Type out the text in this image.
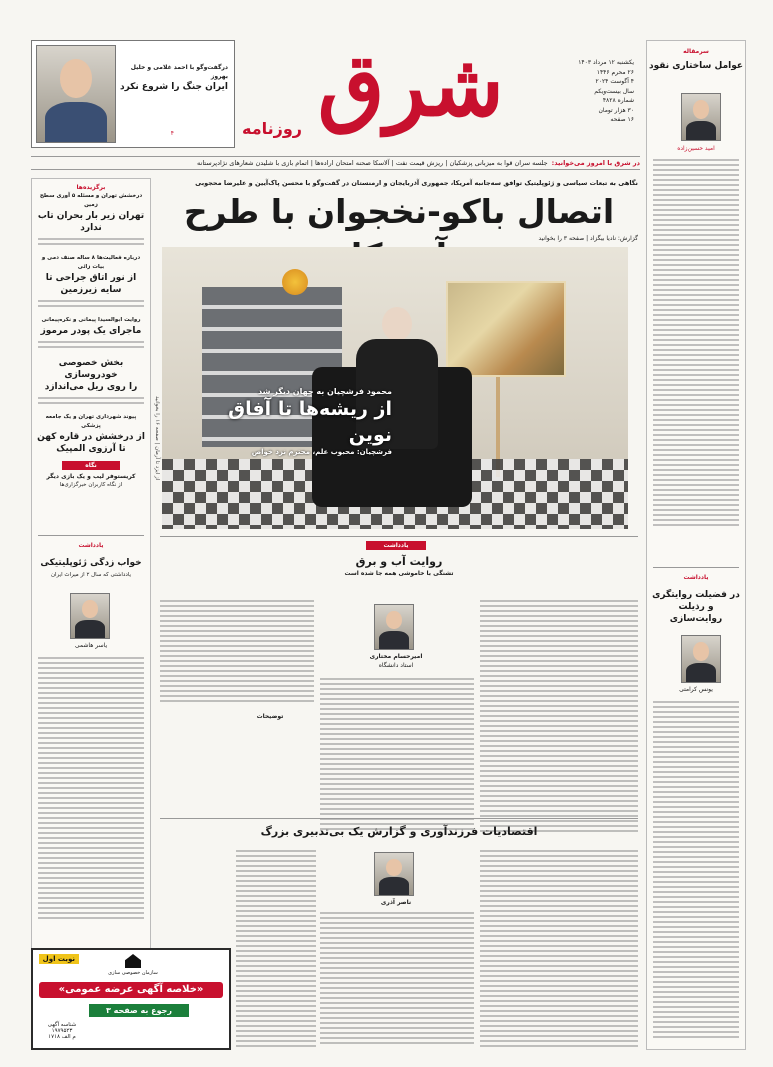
درگفت‌وگو با احمد غلامی و خلیل بهروز
ایران جنگ را شروع نکرد
۴ شرق
روزنامه
یکشنبه ۱۲ مرداد ۱۴۰۳
۲۶ محرم ۱۴۴۶
۴ آگوست ۲۰۲۴
سال بیست‌ویکم
شماره ۴۸۲۸
۳۰ هزار تومان
۱۶ صفحه
سرمقاله
عوامل ساختاری نقود
امید حسین‌زاده
یادداشت
در فضیلت روایتگری و رذیلت روایت‌سازی
یونس کرامتی
در شرق با امروز می‌خوانید:
جلسه سران قوا به میزبانی پزشکیان | ریزش قیمت نفت | آلاسکا صحنه امتحان اراده‌ها | اتمام بازی با شلیدن شعارهای نژادپرستانه
نگاهی به تبعات سیاسی و ژئوپلیتیک توافق سه‌جانبه آمریکا، جمهوری آذربایجان و ارمنستان در گفت‌وگو با محسن پاک‌آیین و علیرضا محجوبی
اتصال باکو-نخجوان با طرح
گزارش: نادیا بیگزاد | صفحه ۳ را بخوانید
محمود فرشچیان به جهان دیگر شد
از ریشه‌ها تا آفاق نوین
فرشچیان: محبوب علم، محترم نزد خواص
از ایزد تا آرمان | صفحه ۱۶ را بخوانید
برگزیده‌ها
درخشش تهران و مسئله ۵ آوری سطح زمین
تهران زیر بار بحران تاب ندارد
درباره فعالیت‌ها ۸ ساله صنف دمی و بیات زائی
از نور اتاق جراحی تا سایه زیرزمین
روایت ابوالسیدا پیمانی و نکره‌پیمانی
ماجرای یک پودر مرموز
بخش خصوصی خودروسازی
را روی ریل می‌اندازد
پیوند شهرداری تهران و یک جامعه پزشکی
از درخشش در قاره کهن تا آرزوی المپیک
نگاه
کریستوفر لیب و یک بازی دیگر
از نگاه کاربران خبرگزاری‌ها
یادداشت
خواب زدگی ژئوپلیتیکی
یادداشتی که سال ۲ از میراث ایران
یاسر هاشمی
یادداشت
روایت آب و برق
تشنگی با خاموشی همه‌ جا شده است
امیرحسام مختاری
استاد دانشگاه
توضیحات
اقتصادیات فرزندآوری و گزارش یک بی‌تدبیری بزرگ
ناصر آذری
نوبت اول
سازمان خصوصی سازی
«خلاصه آگهی عرضه عمومی»
رجوع به صفحه ۳
شناسه آگهی ۱۹۷۹۵۲۳
م الف ۱۷۱۸
